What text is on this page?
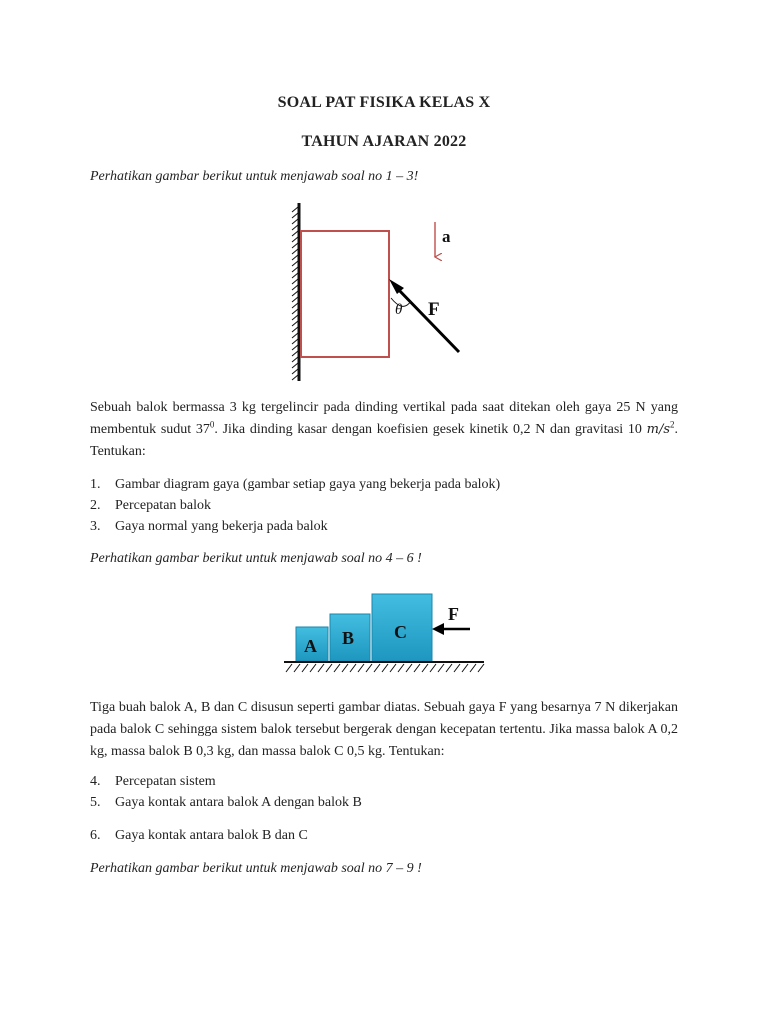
SOAL PAT FISIKA KELAS X
TAHUN AJARAN 2022
Perhatikan gambar berikut untuk menjawab soal no 1 – 3!
a
θ F
Sebuah balok bermassa 3 kg tergelincir pada dinding vertikal pada saat ditekan oleh gaya 25 N yang membentuk sudut $37^0$. Jika dinding kasar dengan koefisien gesek kinetik 0,2 N dan gravitasi 10 $m/s^2$. Tentukan:
1. Gambar diagram gaya (gambar setiap gaya yang bekerja pada balok)
2. Percepatan balok
3. Gaya normal yang bekerja pada balok
Perhatikan gambar berikut untuk menjawab soal no 4 – 6 !
A B C
F
Tiga buah balok A, B dan C disusun seperti gambar diatas. Sebuah gaya F yang besarnya 7 N dikerjakan pada balok C sehingga sistem balok tersebut bergerak dengan kecepatan tertentu. Jika massa balok A 0,2 kg, massa balok B 0,3 kg, dan massa balok C 0,5 kg. Tentukan:
4. Percepatan sistem
5. Gaya kontak antara balok A dengan balok B
6. Gaya kontak antara balok B dan C
Perhatikan gambar berikut untuk menjawab soal no 7 – 9 !
